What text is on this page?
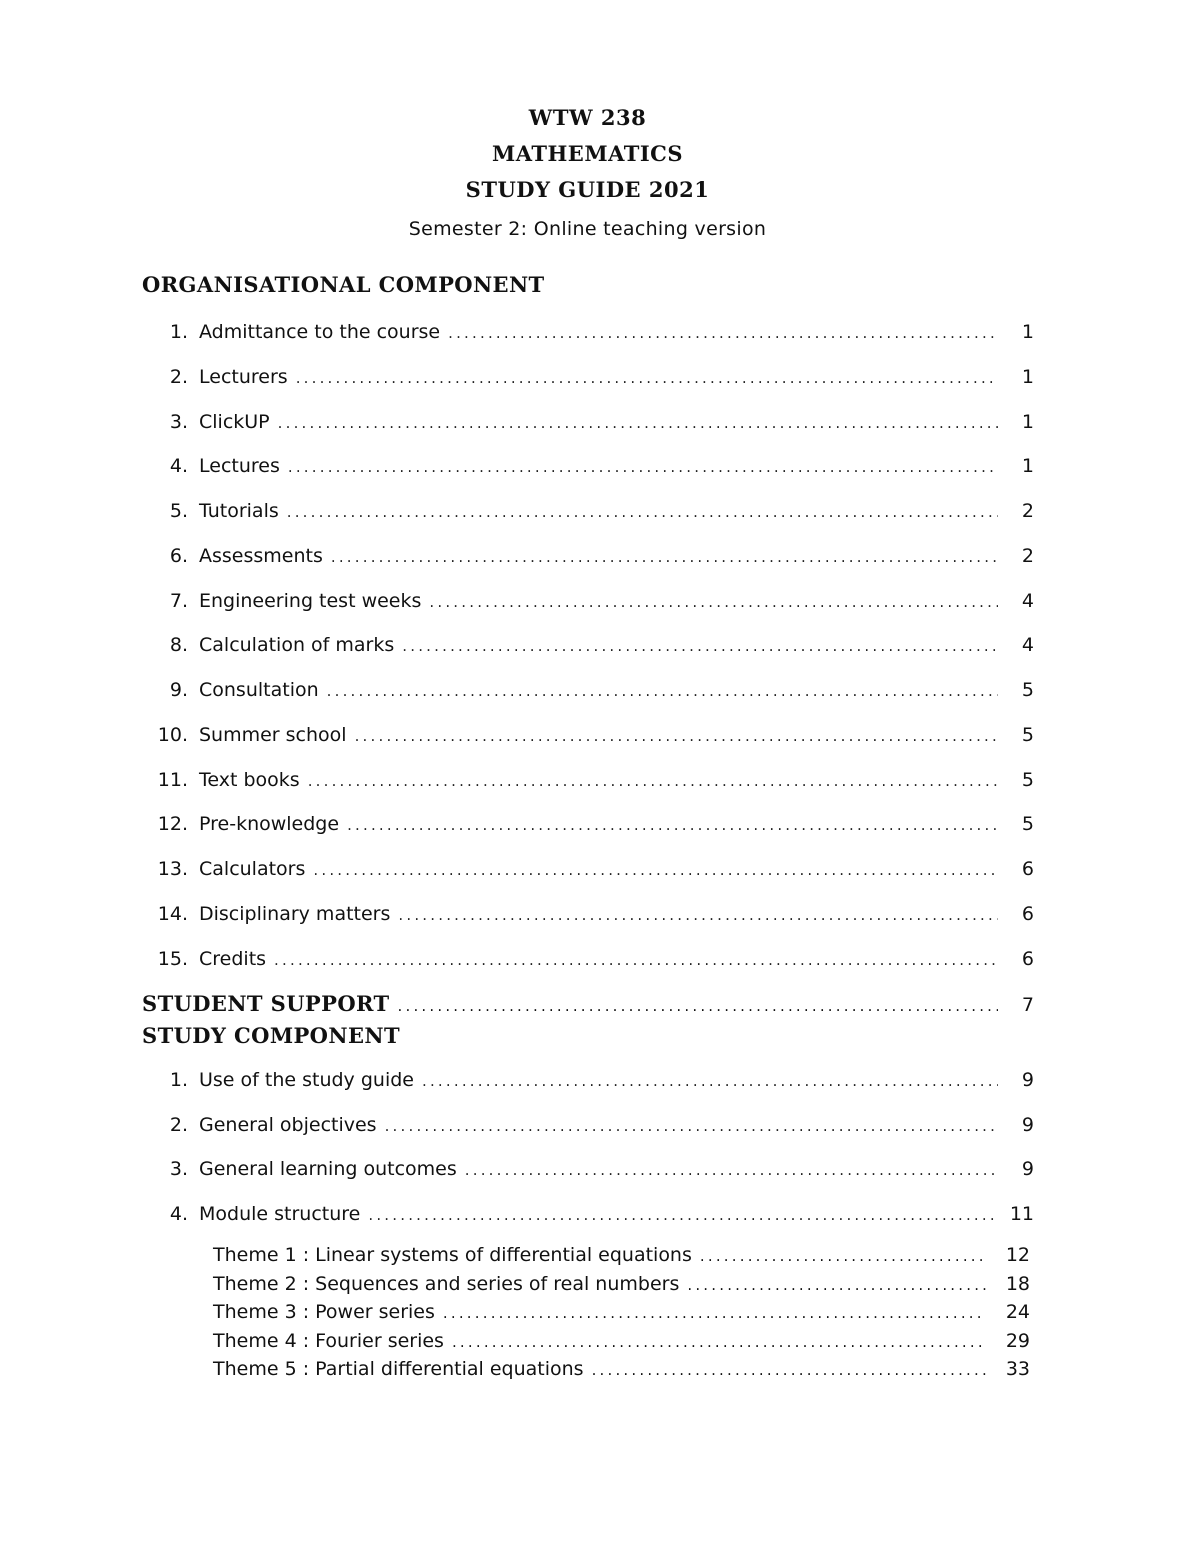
WTW 238
MATHEMATICS
STUDY GUIDE 2021
Semester 2: Online teaching version
ORGANISATIONAL COMPONENT
1. Admittance to the course .....	1
2. Lecturers .....	1
3. ClickUP .....	1
4. Lectures .....	1
5. Tutorials .....	2
6. Assessments .....	2
7. Engineering test weeks .....	4
8. Calculation of marks .....	4
9. Consultation .....	5
10. Summer school .....	5
11. Text books .....	5
12. Pre-knowledge .....	5
13. Calculators .....	6
14. Disciplinary matters .....	6
15. Credits .....	6
STUDENT SUPPORT .....	7
STUDY COMPONENT
1. Use of the study guide .....	9
2. General objectives .....	9
3. General learning outcomes .....	9
4. Module structure .....	11
Theme 1 : Linear systems of differential equations .....	12
Theme 2 : Sequences and series of real numbers .....	18
Theme 3 : Power series .....	24
Theme 4 : Fourier series .....	29
Theme 5 : Partial differential equations .....	33
